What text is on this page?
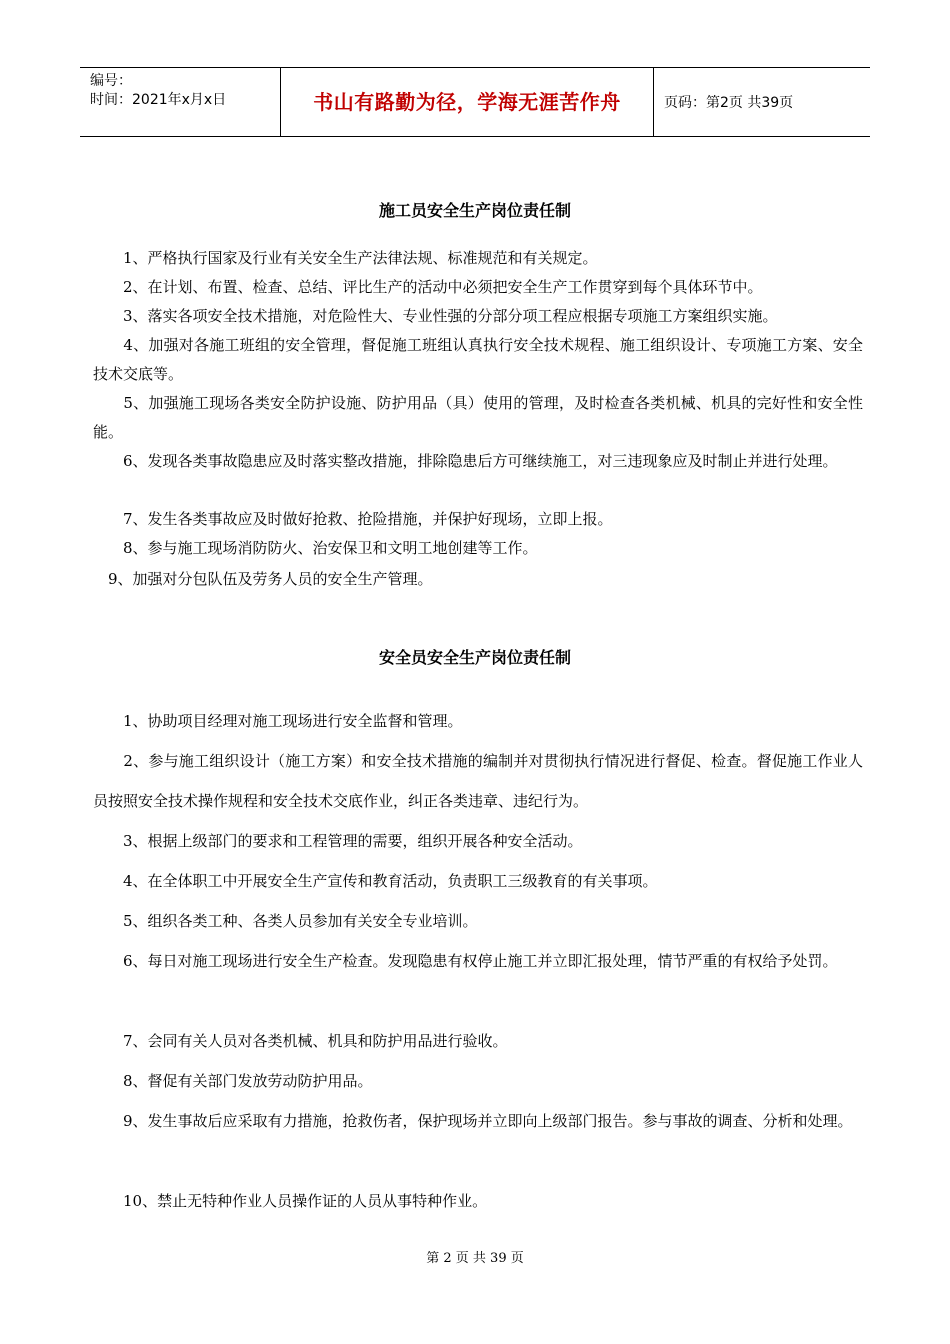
编号：
时间：2021年x月x日	书山有路勤为径，学海无涯苦作舟	页码：第2页 共39页
施工员安全生产岗位责任制

　　1、严格执行国家及行业有关安全生产法律法规、标准规范和有关规定。

　　2、在计划、布置、检查、总结、评比生产的活动中必须把安全生产工作贯穿到每个具体环节中。

　　3、落实各项安全技术措施，对危险性大、专业性强的分部分项工程应根据专项施工方案组织实施。

　　4、加强对各施工班组的安全管理，督促施工班组认真执行安全技术规程、施工组织设计、专项施工方案、安全技术交底等。

　　5、加强施工现场各类安全防护设施、防护用品（具）使用的管理，及时检查各类机械、机具的完好性和安全性能。

　　6、发现各类事故隐患应及时落实整改措施，排除隐患后方可继续施工，对三违现象应及时制止并进行处理。

　　7、发生各类事故应及时做好抢救、抢险措施，并保护好现场，立即上报。

　　8、参与施工现场消防防火、治安保卫和文明工地创建等工作。

　9、加强对分包队伍及劳务人员的安全生产管理。

安全员安全生产岗位责任制

　　1、协助项目经理对施工现场进行安全监督和管理。

　　2、参与施工组织设计（施工方案）和安全技术措施的编制并对贯彻执行情况进行督促、检查。督促施工作业人员按照安全技术操作规程和安全技术交底作业，纠正各类违章、违纪行为。

　　3、根据上级部门的要求和工程管理的需要，组织开展各种安全活动。

　　4、在全体职工中开展安全生产宣传和教育活动，负责职工三级教育的有关事项。

　　5、组织各类工种、各类人员参加有关安全专业培训。

　　6、每日对施工现场进行安全生产检查。发现隐患有权停止施工并立即汇报处理，情节严重的有权给予处罚。

　　7、会同有关人员对各类机械、机具和防护用品进行验收。

　　8、督促有关部门发放劳动防护用品。

　　9、发生事故后应采取有力措施，抢救伤者，保护现场并立即向上级部门报告。参与事故的调查、分析和处理。

　　10、禁止无特种作业人员操作证的人员从事特种作业。

第 2 页 共 39 页
